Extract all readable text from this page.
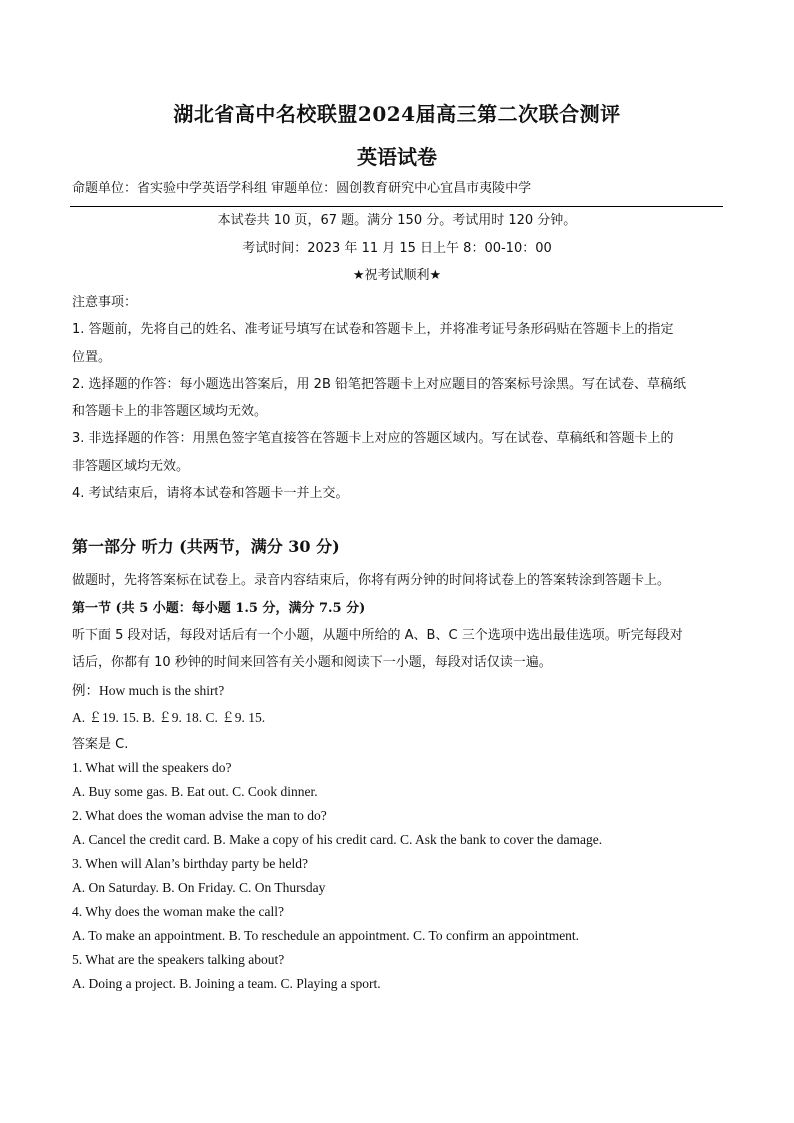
湖北省高中名校联盟2024届高三第二次联合测评
英语试卷
命题单位：省实验中学英语学科组 审题单位：圆创教育研究中心宜昌市夷陵中学
本试卷共 10 页，67 题。满分 150 分。考试用时 120 分钟。
考试时间：2023 年 11 月 15 日上午 8：00-10：00
★祝考试顺利★
注意事项：
1. 答题前，先将自己的姓名、准考证号填写在试卷和答题卡上，并将准考证号条形码贴在答题卡上的指定
位置。
2. 选择题的作答：每小题选出答案后，用 2B 铅笔把答题卡上对应题目的答案标号涂黑。写在试卷、草稿纸
和答题卡上的非答题区域均无效。
3. 非选择题的作答：用黑色签字笔直接答在答题卡上对应的答题区域内。写在试卷、草稿纸和答题卡上的
非答题区域均无效。
4. 考试结束后，请将本试卷和答题卡一并上交。
第一部分 听力 (共两节，满分 30 分)
做题时，先将答案标在试卷上。录音内容结束后，你将有两分钟的时间将试卷上的答案转涂到答题卡上。
第一节 (共 5 小题：每小题 1.5 分，满分 7.5 分)
听下面 5 段对话，每段对话后有一个小题，从题中所给的 A、B、C 三个选项中选出最佳选项。听完每段对
话后，你都有 10 秒钟的时间来回答有关小题和阅读下一小题，每段对话仅读一遍。
例：How much is the shirt?
A. ￡19. 15. B. ￡9. 18. C. ￡9. 15.
答案是 C.
1. What will the speakers do?
A. Buy some gas. B. Eat out. C. Cook dinner.
2. What does the woman advise the man to do?
A. Cancel the credit card. B. Make a copy of his credit card. C. Ask the bank to cover the damage.
3. When will Alan’s birthday party be held?
A. On Saturday. B. On Friday. C. On Thursday
4. Why does the woman make the call?
A. To make an appointment. B. To reschedule an appointment. C. To confirm an appointment.
5. What are the speakers talking about?
A. Doing a project. B. Joining a team. C. Playing a sport.
